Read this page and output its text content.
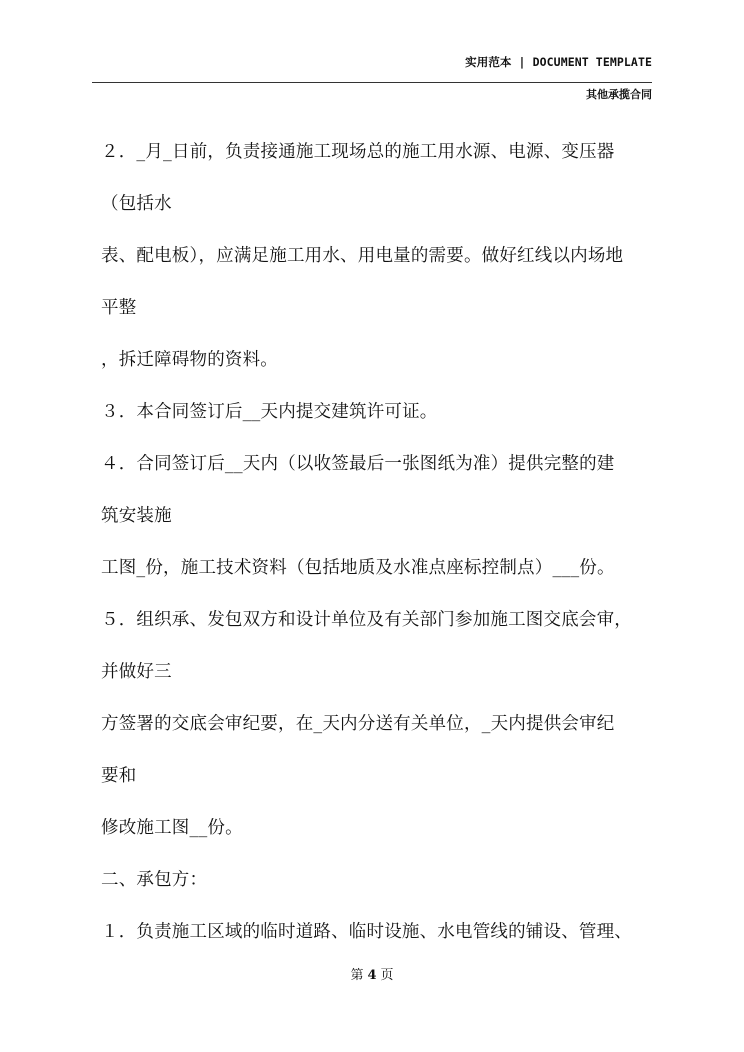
实用范本 | DOCUMENT TEMPLATE
其他承揽合同
２．_月_日前，负责接通施工现场总的施工用水源、电源、变压器
（包括水
表、配电板），应满足施工用水、用电量的需要。做好红线以内场地
平整
，拆迁障碍物的资料。
３．本合同签订后__天内提交建筑许可证。
４．合同签订后__天内（以收签最后一张图纸为准）提供完整的建
筑安装施
工图_份，施工技术资料（包括地质及水准点座标控制点）___份。
５．组织承、发包双方和设计单位及有关部门参加施工图交底会审，
并做好三
方签署的交底会审纪要，在_天内分送有关单位，_天内提供会审纪
要和
修改施工图__份。
二、承包方：
１．负责施工区域的临时道路、临时设施、水电管线的铺设、管理、
第 4 页
